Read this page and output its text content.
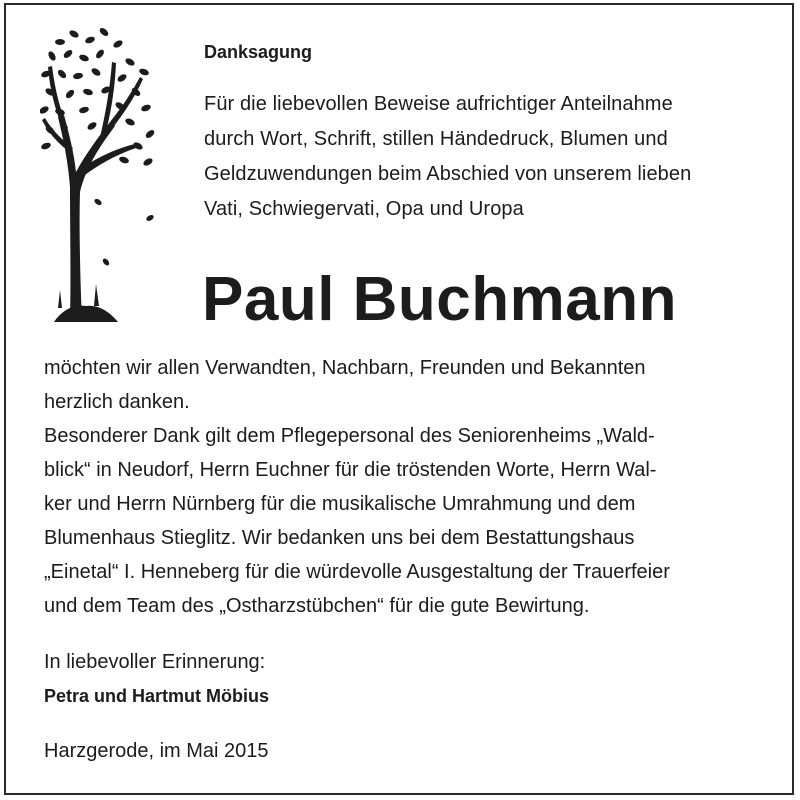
Danksagung

Für die liebevollen Beweise aufrichtiger Anteilnahme
durch Wort, Schrift, stillen Händedruck, Blumen und
Geldzuwendungen beim Abschied von unserem lieben
Vati, Schwiegervati, Opa und Uropa

Paul Buchmann

möchten wir allen Verwandten, Nachbarn, Freunden und Bekannten
herzlich danken.
Besonderer Dank gilt dem Pflegepersonal des Seniorenheims „Wald-
blick“ in Neudorf, Herrn Euchner für die tröstenden Worte, Herrn Wal-
ker und Herrn Nürnberg für die musikalische Umrahmung und dem
Blumenhaus Stieglitz. Wir bedanken uns bei dem Bestattungshaus
„Einetal“ I. Henneberg für die würdevolle Ausgestaltung der Trauerfeier
und dem Team des „Ostharzstübchen“ für die gute Bewirtung.

In liebevoller Erinnerung:

Petra und Hartmut Möbius

Harzgerode, im Mai 2015
